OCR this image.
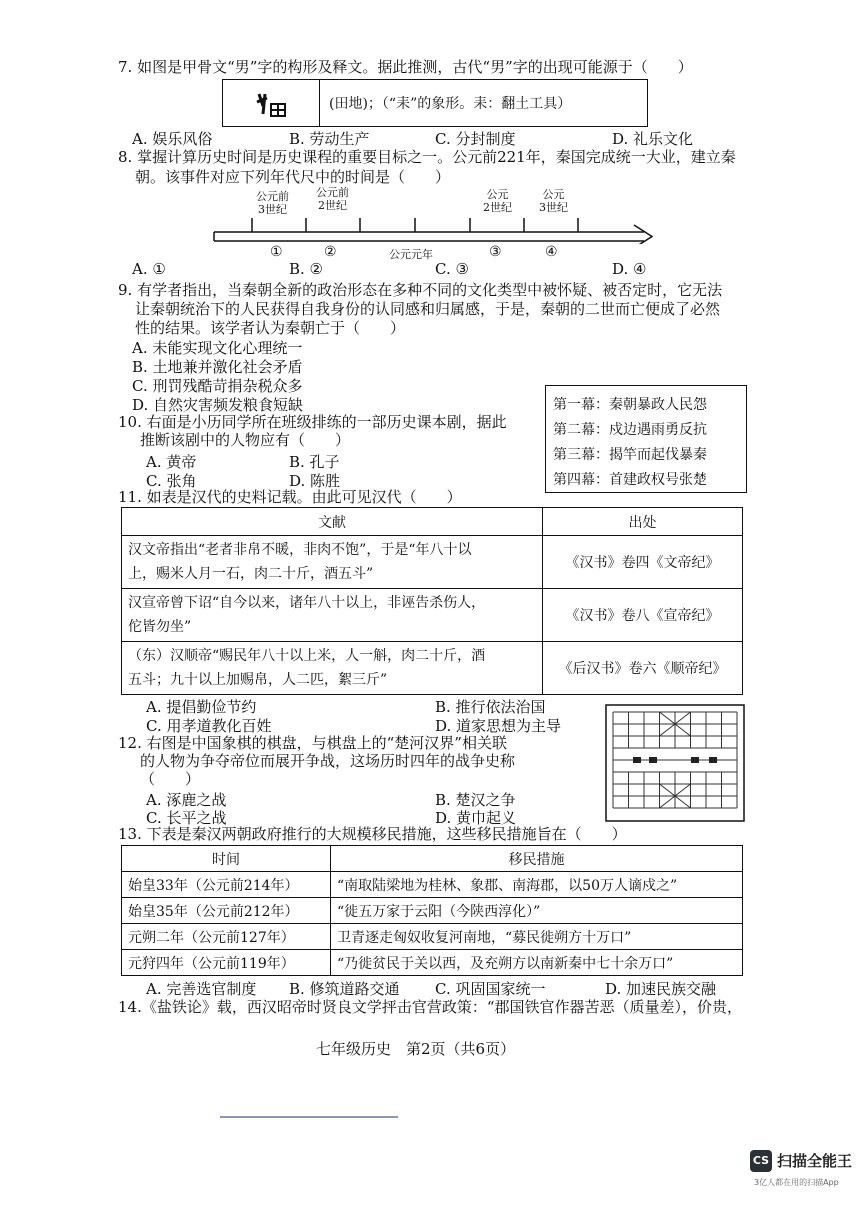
7. 如图是甲骨文“男”字的构形及释文。据此推测，古代“男”字的出现可能源于（　　）
(田地)；（“耒”的象形。耒：翻土工具）
A. 娱乐风俗	B. 劳动生产	C. 分封制度	D. 礼乐文化
8. 掌握计算历史时间是历史课程的重要目标之一。公元前221年，秦国完成统一大业，建立秦
朝。该事件对应下列年代尺中的时间是（　　）
公元前
3世纪
公元前
2世纪
公元
2世纪
公元
3世纪
①	②	公元元年	③	④
A. ①	B. ②	C. ③	D. ④
9. 有学者指出，当秦朝全新的政治形态在多种不同的文化类型中被怀疑、被否定时，它无法
让秦朝统治下的人民获得自我身份的认同感和归属感，于是，秦朝的二世而亡便成了必然
性的结果。该学者认为秦朝亡于（　　）
A. 未能实现文化心理统一
B. 土地兼并激化社会矛盾
C. 刑罚残酷苛捐杂税众多
D. 自然灾害频发粮食短缺
10. 右面是小历同学所在班级排练的一部历史课本剧，据此
推断该剧中的人物应有（　　）
A. 黄帝	B. 孔子
C. 张角	D. 陈胜
第一幕：秦朝暴政人民怨
第二幕：戍边遇雨勇反抗
第三幕：揭竿而起伐暴秦
第四幕：首建政权号张楚
11. 如表是汉代的史料记载。由此可见汉代（　　）
文献	出处

汉文帝指出“老者非帛不暖，非肉不饱”，于是“年八十以
上，赐米人月一石，肉二十斤，酒五斗”	《汉书》卷四《文帝纪》

汉宣帝曾下诏“自今以来，诸年八十以上，非诬告杀伤人，
佗皆勿坐”	《汉书》卷八《宣帝纪》

（东）汉顺帝“赐民年八十以上米，人一斛，肉二十斤，酒
五斗；九十以上加赐帛，人二匹，絮三斤”	《后汉书》卷六《顺帝纪》
A. 提倡勤俭节约	B. 推行依法治国
C. 用孝道教化百姓	D. 道家思想为主导
12. 右图是中国象棋的棋盘，与棋盘上的“楚河汉界”相关联
的人物为争夺帝位而展开争战，这场历时四年的战争史称
（　　）
A. 涿鹿之战	B. 楚汉之争
C. 长平之战	D. 黄巾起义
13. 下表是秦汉两朝政府推行的大规模移民措施，这些移民措施旨在（　　）
时间	移民措施
始皇33年（公元前214年）	“南取陆梁地为桂林、象郡、南海郡，以50万人谪戍之”
始皇35年（公元前212年）	“徙五万家于云阳（今陕西淳化）”
元朔二年（公元前127年）	卫青逐走匈奴收复河南地，“募民徙朔方十万口”
元狩四年（公元前119年）	“乃徙贫民于关以西，及充朔方以南新秦中七十余万口”
A. 完善选官制度 B. 修筑道路交通 C. 巩固国家统一	D. 加速民族交融
14.《盐铁论》载，西汉昭帝时贤良文学抨击官营政策：“郡国铁官作器苦恶（质量差），价贵，
七年级历史　第2页（共6页）
CS 扫描全能王
3亿人都在用的扫描App
